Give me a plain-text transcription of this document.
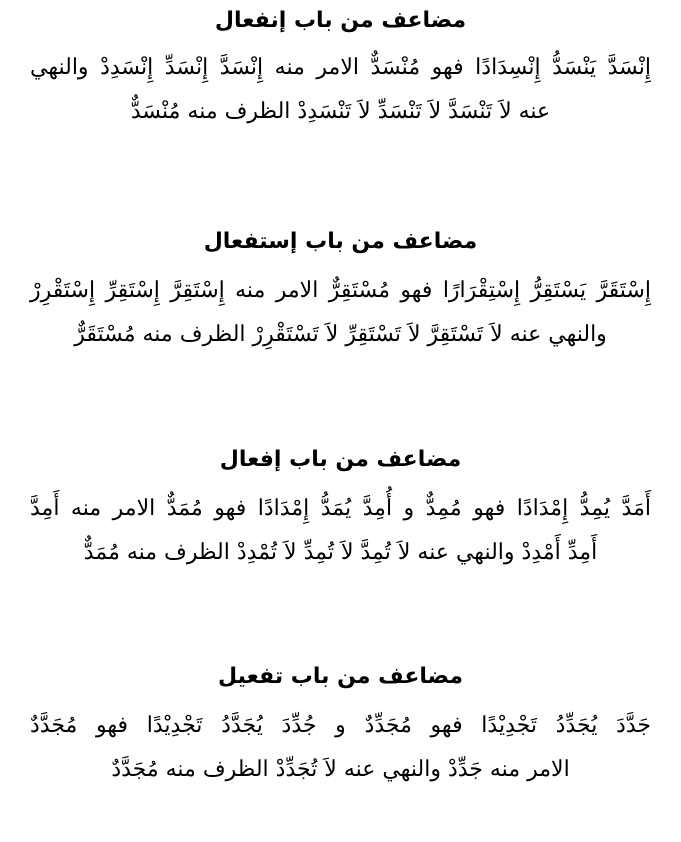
مضاعف من باب إنفعال

إِنْسَدَّ يَنْسَدُّ إِنْسِدَادًا فهو مُنْسَدٌّ الامر منه إِنْسَدَّ إِنْسَدِّ إِنْسَدِدْ والنهي

عنه لاَ تَنْسَدَّ لاَ تَنْسَدِّ لاَ تَنْسَدِدْ الظرف منه مُنْسَدٌّ

مضاعف من باب إستفعال

إِسْتَقَرَّ يَسْتَقِرُّ إِسْتِقْرَارًا فهو مُسْتَقِرٌّ الامر منه إِسْتَقِرَّ إِسْتَقِرِّ إِسْتَقْرِرْ

والنهي عنه لاَ تَسْتَقِرَّ لاَ تَسْتَقِرِّ لاَ تَسْتَقْرِرْ الظرف منه مُسْتَقَرٌّ

مضاعف من باب إفعال

أَمَدَّ يُمِدُّ إِمْدَادًا فهو مُمِدٌّ و أُمِدَّ يُمَدُّ إِمْدَادًا فهو مُمَدٌّ الامر منه أَمِدَّ

أَمِدِّ أَمْدِدْ والنهي عنه لاَ تُمِدَّ لاَ تُمِدِّ لاَ تُمْدِدْ الظرف منه مُمَدٌّ

مضاعف من باب تفعيل

جَدَّدَ يُجَدِّدُ تَجْدِيْدًا فهو مُجَدِّدٌ و جُدِّدَ يُجَدَّدُ تَجْدِيْدًا فهو مُجَدَّدٌ

الامر منه جَدِّدْ والنهي عنه لاَ تُجَدِّدْ الظرف منه مُجَدَّدٌ
